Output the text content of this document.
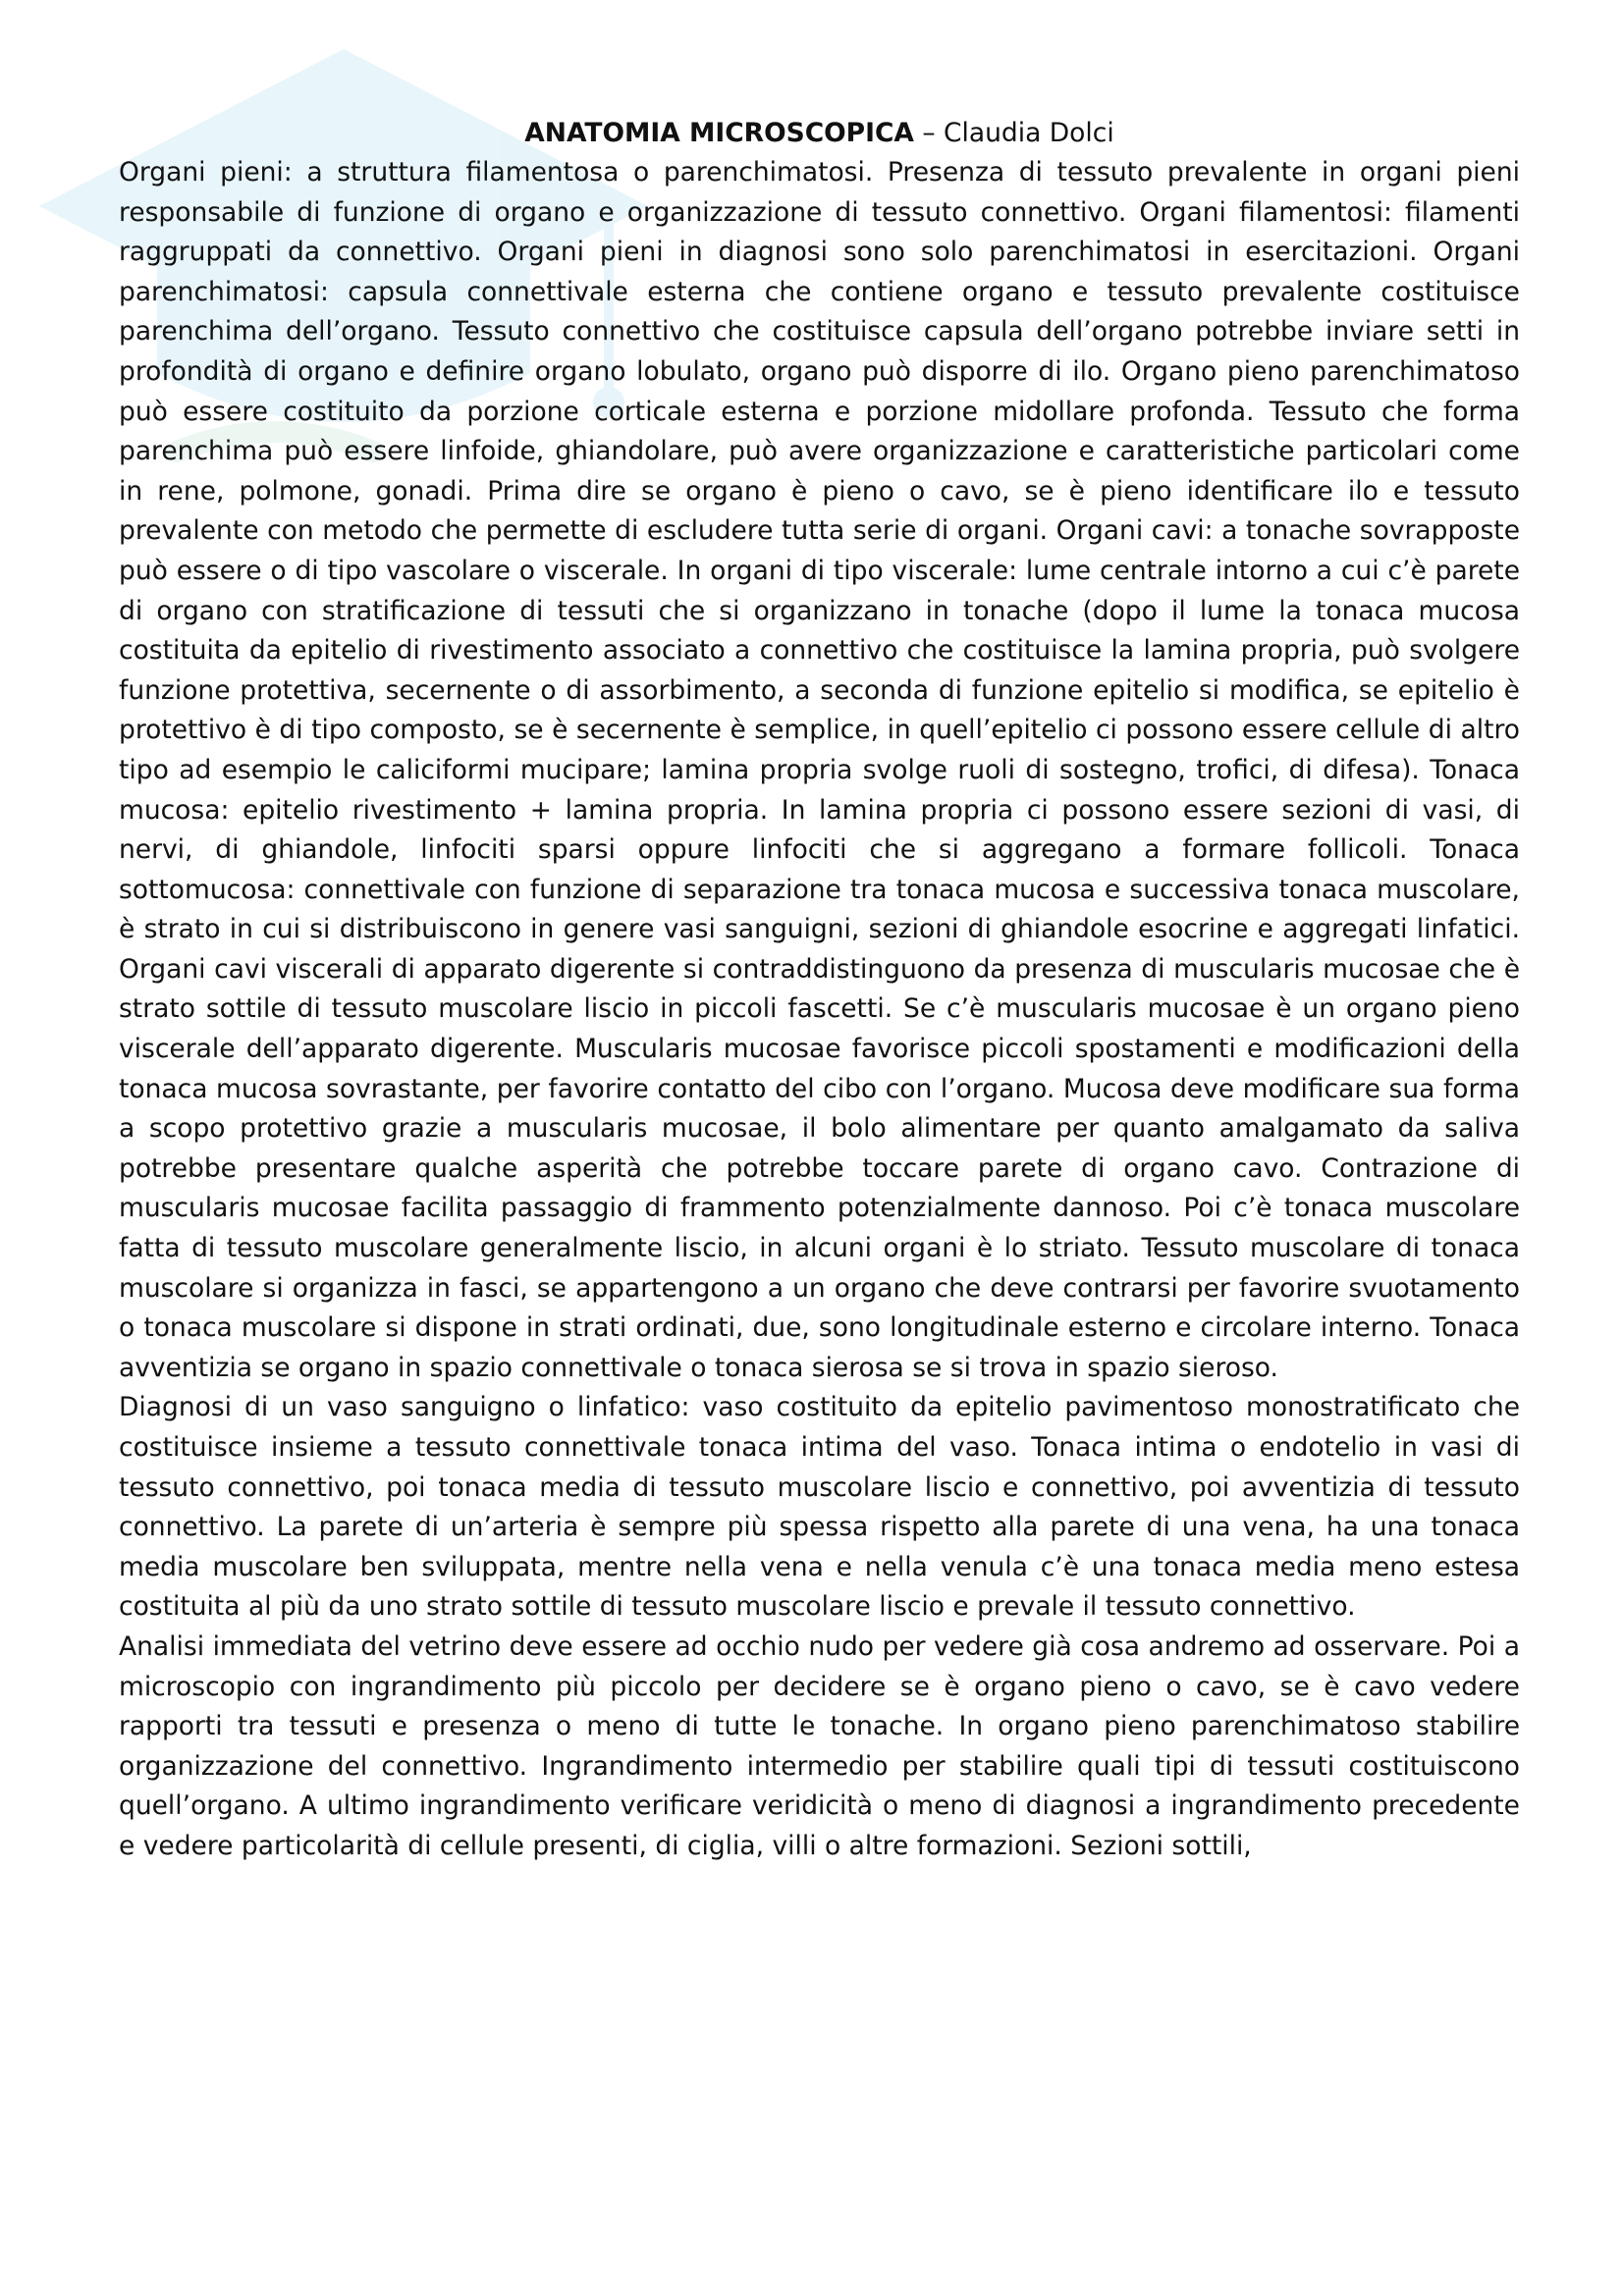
ANATOMIA MICROSCOPICA – Claudia Dolci

Organi pieni: a struttura filamentosa o parenchimatosi. Presenza di tessuto prevalente in organi pieni responsabile di funzione di organo e organizzazione di tessuto connettivo. Organi filamentosi: filamenti raggruppati da connettivo. Organi pieni in diagnosi sono solo parenchimatosi in esercitazioni. Organi parenchimatosi: capsula connettivale esterna che contiene organo e tessuto prevalente costituisce parenchima dell’organo. Tessuto connettivo che costituisce capsula dell’organo potrebbe inviare setti in profondità di organo e definire organo lobulato, organo può disporre di ilo. Organo pieno parenchimatoso può essere costituito da porzione corticale esterna e porzione midollare profonda. Tessuto che forma parenchima può essere linfoide, ghiandolare, può avere organizzazione e caratteristiche particolari come in rene, polmone, gonadi. Prima dire se organo è pieno o cavo, se è pieno identificare ilo e tessuto prevalente con metodo che permette di escludere tutta serie di organi. Organi cavi: a tonache sovrapposte può essere o di tipo vascolare o viscerale. In organi di tipo viscerale: lume centrale intorno a cui c’è parete di organo con stratificazione di tessuti che si organizzano in tonache (dopo il lume la tonaca mucosa costituita da epitelio di rivestimento associato a connettivo che costituisce la lamina propria, può svolgere funzione protettiva, secernente o di assorbimento, a seconda di funzione epitelio si modifica, se epitelio è protettivo è di tipo composto, se è secernente è semplice, in quell’epitelio ci possono essere cellule di altro tipo ad esempio le caliciformi mucipare; lamina propria svolge ruoli di sostegno, trofici, di difesa). Tonaca mucosa: epitelio rivestimento + lamina propria. In lamina propria ci possono essere sezioni di vasi, di nervi, di ghiandole, linfociti sparsi oppure linfociti che si aggregano a formare follicoli. Tonaca sottomucosa: connettivale con funzione di separazione tra tonaca mucosa e successiva tonaca muscolare, è strato in cui si distribuiscono in genere vasi sanguigni, sezioni di ghiandole esocrine e aggregati linfatici. Organi cavi viscerali di apparato digerente si contraddistinguono da presenza di muscularis mucosae che è strato sottile di tessuto muscolare liscio in piccoli fascetti. Se c’è muscularis mucosae è un organo pieno viscerale dell’apparato digerente. Muscularis mucosae favorisce piccoli spostamenti e modificazioni della tonaca mucosa sovrastante, per favorire contatto del cibo con l’organo. Mucosa deve modificare sua forma a scopo protettivo grazie a muscularis mucosae, il bolo alimentare per quanto amalgamato da saliva potrebbe presentare qualche asperità che potrebbe toccare parete di organo cavo. Contrazione di muscularis mucosae facilita passaggio di frammento potenzialmente dannoso. Poi c’è tonaca muscolare fatta di tessuto muscolare generalmente liscio, in alcuni organi è lo striato. Tessuto muscolare di tonaca muscolare si organizza in fasci, se appartengono a un organo che deve contrarsi per favorire svuotamento o tonaca muscolare si dispone in strati ordinati, due, sono longitudinale esterno e circolare interno. Tonaca avventizia se organo in spazio connettivale o tonaca sierosa se si trova in spazio sieroso.

Diagnosi di un vaso sanguigno o linfatico: vaso costituito da epitelio pavimentoso monostratificato che costituisce insieme a tessuto connettivale tonaca intima del vaso. Tonaca intima o endotelio in vasi di tessuto connettivo, poi tonaca media di tessuto muscolare liscio e connettivo, poi avventizia di tessuto connettivo. La parete di un’arteria è sempre più spessa rispetto alla parete di una vena, ha una tonaca media muscolare ben sviluppata, mentre nella vena e nella venula c’è una tonaca media meno estesa costituita al più da uno strato sottile di tessuto muscolare liscio e prevale il tessuto connettivo.

Analisi immediata del vetrino deve essere ad occhio nudo per vedere già cosa andremo ad osservare. Poi a microscopio con ingrandimento più piccolo per decidere se è organo pieno o cavo, se è cavo vedere rapporti tra tessuti e presenza o meno di tutte le tonache. In organo pieno parenchimatoso stabilire organizzazione del connettivo. Ingrandimento intermedio per stabilire quali tipi di tessuti costituiscono quell’organo. A ultimo ingrandimento verificare veridicità o meno di diagnosi a ingrandimento precedente e vedere particolarità di cellule presenti, di ciglia, villi o altre formazioni. Sezioni sottili,
